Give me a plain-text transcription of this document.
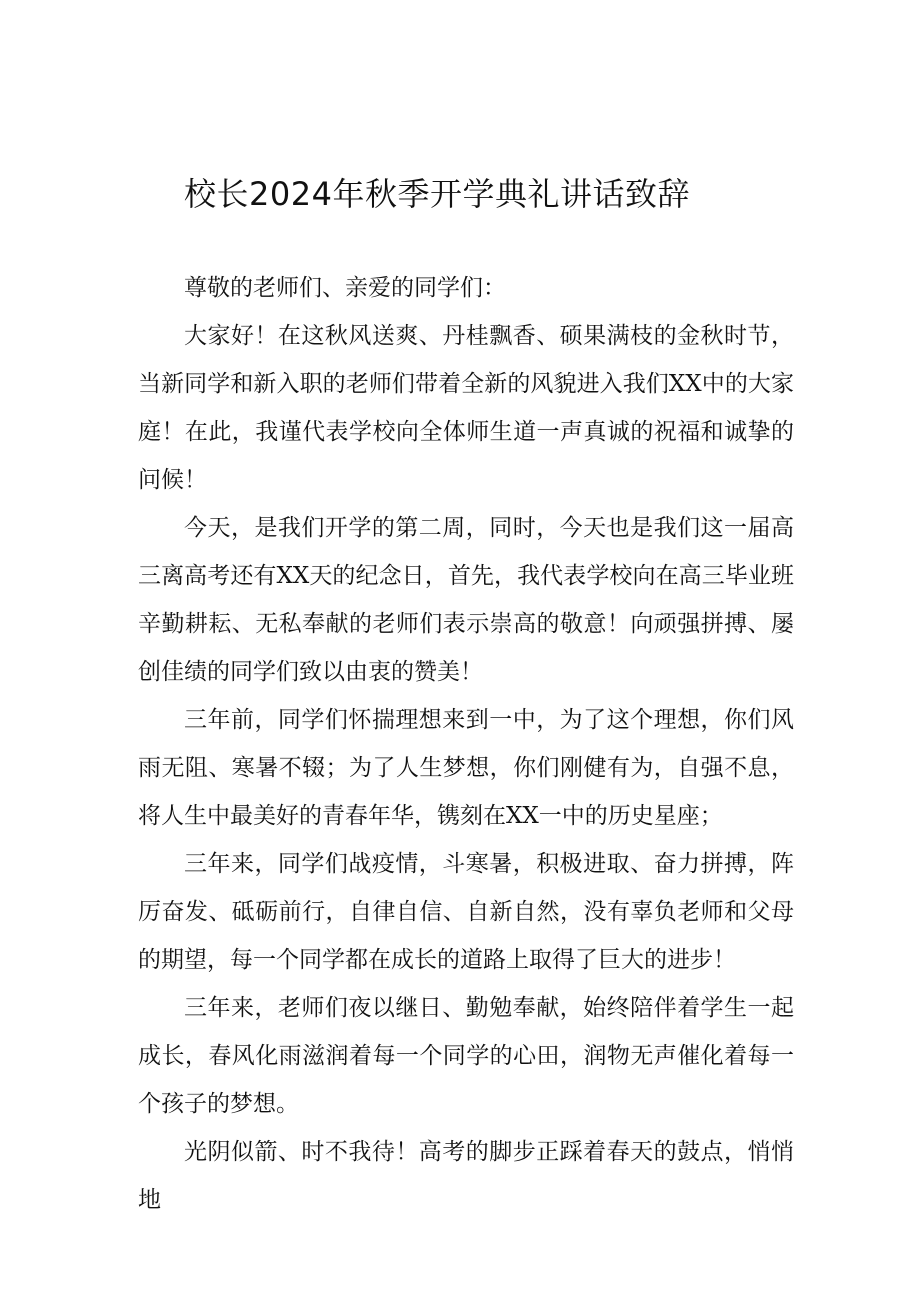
校长2024年秋季开学典礼讲话致辞

尊敬的老师们、亲爱的同学们：

大家好！在这秋风送爽、丹桂飘香、硕果满枝的金秋时节，当新同学和新入职的老师们带着全新的风貌进入我们XX中的大家庭！在此，我谨代表学校向全体师生道一声真诚的祝福和诚挚的问候！

今天，是我们开学的第二周，同时，今天也是我们这一届高三离高考还有XX天的纪念日，首先，我代表学校向在高三毕业班辛勤耕耘、无私奉献的老师们表示崇高的敬意！向顽强拼搏、屡创佳绩的同学们致以由衷的赞美！

三年前，同学们怀揣理想来到一中，为了这个理想，你们风雨无阻、寒暑不辍；为了人生梦想，你们刚健有为，自强不息，将人生中最美好的青春年华，镌刻在XX一中的历史星座；

三年来，同学们战疫情，斗寒暑，积极进取、奋力拼搏，阵厉奋发、砥砺前行，自律自信、自新自然，没有辜负老师和父母的期望，每一个同学都在成长的道路上取得了巨大的进步！

三年来，老师们夜以继日、勤勉奉献，始终陪伴着学生一起成长，春风化雨滋润着每一个同学的心田，润物无声催化着每一个孩子的梦想。

光阴似箭、时不我待！高考的脚步正踩着春天的鼓点，悄悄地
